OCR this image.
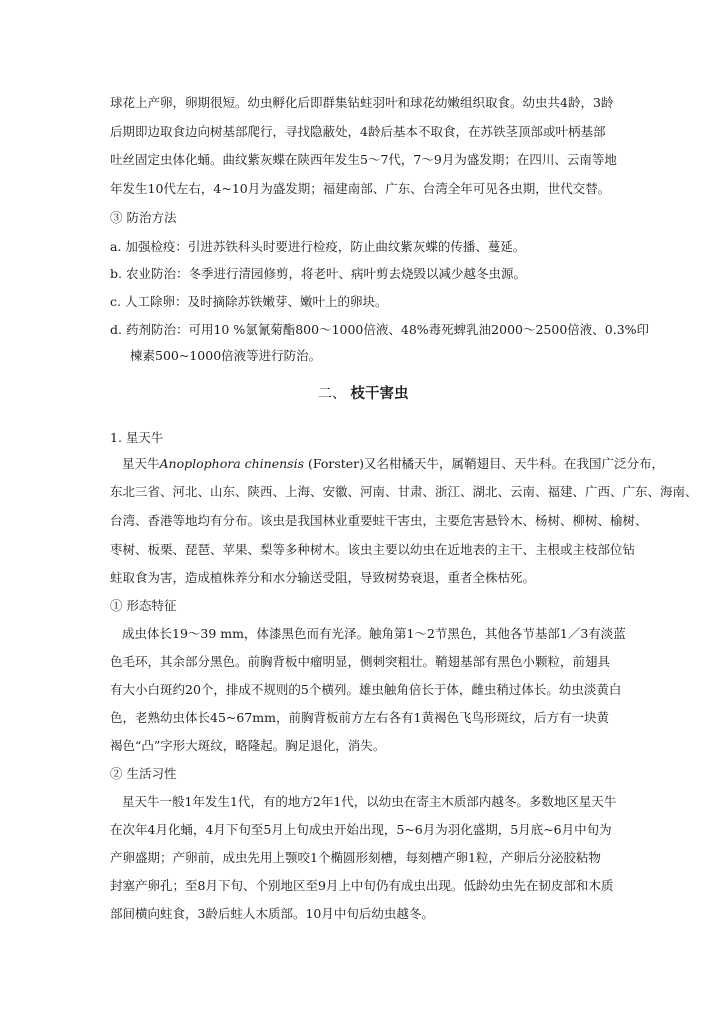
球花上产卵，卵期很短。幼虫孵化后即群集钻蛀羽叶和球花幼嫩组织取食。幼虫共4龄，3龄
后期即边取食边向树基部爬行，寻找隐蔽处，4龄后基本不取食，在苏铁茎顶部或叶柄基部
吐丝固定虫体化蛹。曲纹紫灰蝶在陕西年发生5～7代，7～9月为盛发期；在四川、云南等地
年发生10代左右，4~10月为盛发期；福建南部、广东、台湾全年可见各虫期，世代交替。
③ 防治方法
a. 加强检疫：引进苏铁科头时要进行检疫，防止曲纹紫灰蝶的传播、蔓延。
b. 农业防治：冬季进行清园修剪，将老叶、病叶剪去烧毁以减少越冬虫源。
c. 人工除卵：及时摘除苏铁嫩芽、嫩叶上的卵块。
d. 药剂防治：可用10 %氯氰菊酯800～1000倍液、48%毒死蜱乳油2000～2500倍液、0.3%印
楝素500~1000倍液等进行防治。
二、 枝干害虫
1. 星天牛
星天牛Anoplophora chinensis (Forster)又名柑橘天牛，属鞘翅目、天牛科。在我国广泛分布，
东北三省、河北、山东、陕西、上海、安徽、河南、甘肃、浙江、湖北、云南、福建、广西、广东、海南、
台湾、香港等地均有分布。该虫是我国林业重要蛀干害虫，主要危害悬铃木、杨树、柳树、榆树、
枣树、板栗、琵琶、苹果、梨等多种树木。该虫主要以幼虫在近地表的主干、主根或主枝部位钻
蛀取食为害，造成植株养分和水分输送受阻，导致树势衰退，重者全株枯死。
① 形态特征
成虫体长19～39 mm，体漆黑色而有光泽。触角第1～2节黑色，其他各节基部1／3有淡蓝
色毛环，其余部分黑色。前胸背板中瘤明显，侧刺突粗壮。鞘翅基部有黑色小颗粒，前翅具
有大小白斑约20个，排成不规则的5个横列。雄虫触角倍长于体，雌虫稍过体长。幼虫淡黄白
色，老熟幼虫体长45~67mm，前胸背板前方左右各有1黄褐色飞鸟形斑纹，后方有一块黄
褐色“凸”字形大斑纹，略隆起。胸足退化，消失。
② 生活习性
星天牛一般1年发生1代，有的地方2年1代，以幼虫在寄主木质部内越冬。多数地区星天牛
在次年4月化蛹，4月下旬至5月上旬成虫开始出现，5~6月为羽化盛期，5月底~6月中旬为
产卵盛期；产卵前，成虫先用上颚咬1个椭圆形刻槽，每刻槽产卵1粒，产卵后分泌胶粘物
封塞产卵孔；至8月下旬、个别地区至9月上中旬仍有成虫出现。低龄幼虫先在韧皮部和木质
部间横向蛀食，3龄后蛀人木质部。10月中旬后幼虫越冬。
